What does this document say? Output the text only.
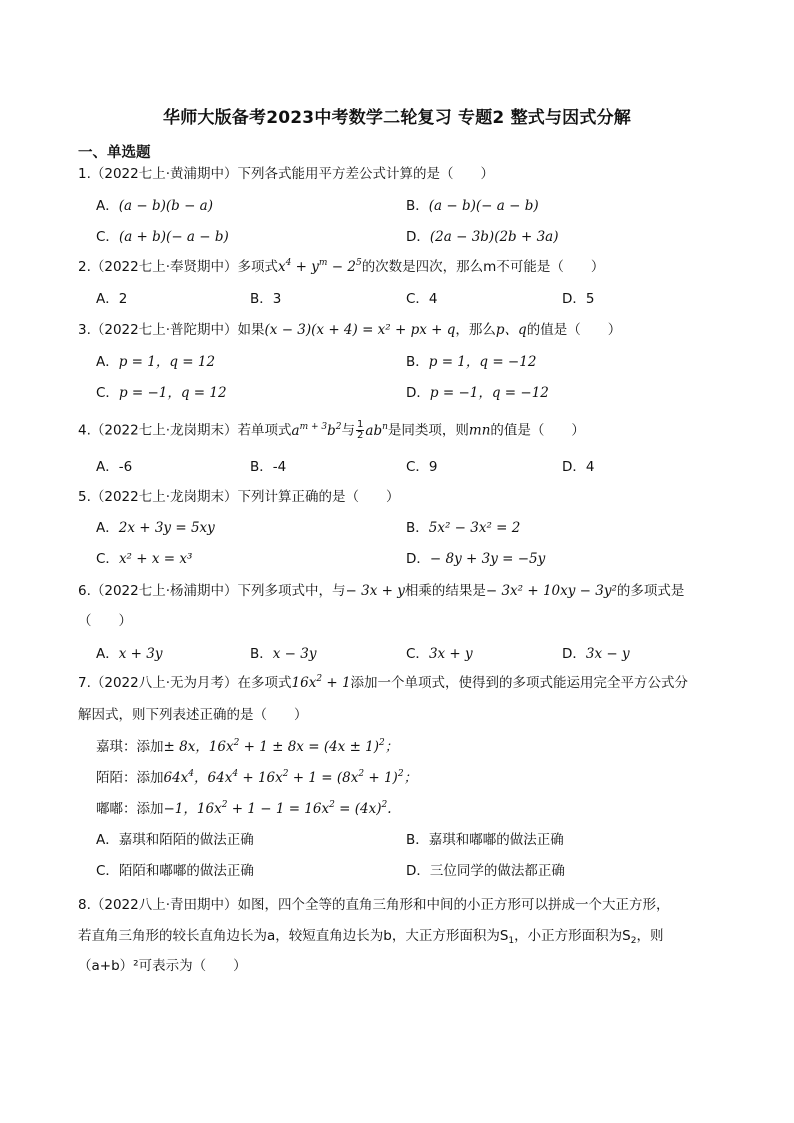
华师大版备考2023中考数学二轮复习 专题2 整式与因式分解
一、单选题
1.（2022七上·黄浦期中）下列各式能用平方差公式计算的是（　　）
A．(a − b)(b − a)	B．(a − b)(− a − b)
C．(a + b)(− a − b)	D．(2a − 3b)(2b + 3a)
2.（2022七上·奉贤期中）多项式$x^4 + y^m - 2^5$的次数是四次，那么m不可能是（　　）
A．2	B．3	C．4	D．5
3.（2022七上·普陀期中）如果(x − 3)(x + 4) = x² + px + q，那么p、q的值是（　　）
A．p = 1，q = 12	B．p = 1，q = −12
C．p = −1，q = 12	D．p = −1，q = −12
4.（2022七上·龙岗期末）若单项式$a^{m + 3}b^2$与 $\frac{1}{2} ab^n$是同类项，则mn的值是（　　）
A．-6	B．-4	C．9	D．4
5.（2022七上·龙岗期末）下列计算正确的是（　　）
A．2x + 3y = 5xy	B．5x² − 3x² = 2
C．x² + x = x³	D．− 8y + 3y = −5y
6.（2022七上·杨浦期中）下列多项式中，与− 3x + y相乘的结果是− 3x² + 10xy − 3y²的多项式是
（　　）
A．x + 3y	B．x − 3y	C．3x + y	D．3x − y
7.（2022八上·无为月考）在多项式$16x^2 + 1$添加一个单项式，使得到的多项式能运用完全平方公式分
解因式，则下列表述正确的是（　　）
嘉琪：添加± 8x，$16x^2 + 1 \pm 8x = (4x \pm 1)^2$；
陌陌：添加$64x^4$，$64x^4 + 16x^2 + 1 = (8x^2 + 1)^2$；
嘟嘟：添加−1，$16x^2 + 1 - 1 = 16x^2 = (4x)^2$.
A．嘉琪和陌陌的做法正确	B．嘉琪和嘟嘟的做法正确
C．陌陌和嘟嘟的做法正确	D．三位同学的做法都正确
8.（2022八上·青田期中）如图，四个全等的直角三角形和中间的小正方形可以拼成一个大正方形，
若直角三角形的较长直角边长为a，较短直角边长为b，大正方形面积为$S_1$，小正方形面积为$S_2$，则
（a+b）²可表示为（　　）
